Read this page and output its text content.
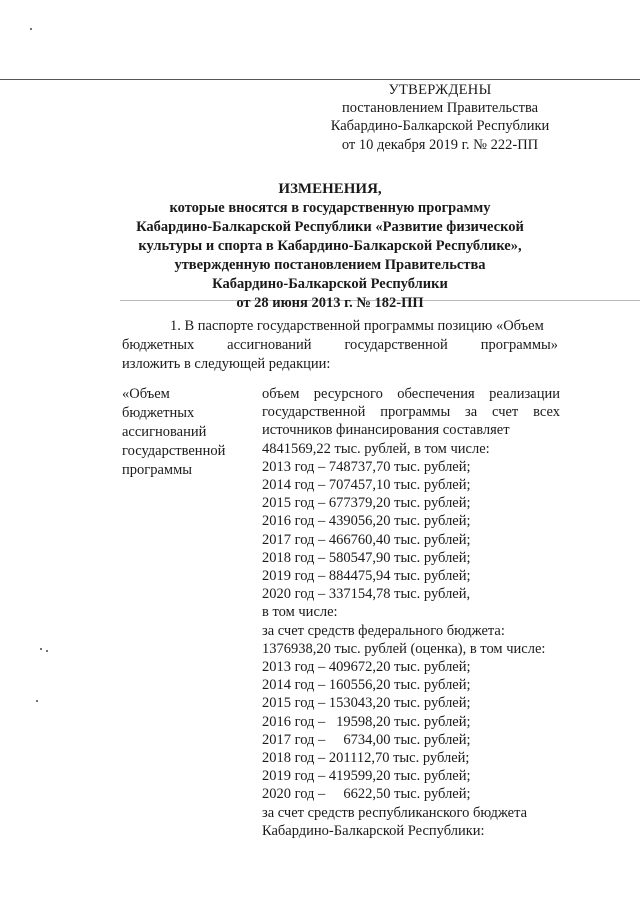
УТВЕРЖДЕНЫ
постановлением Правительства
Кабардино-Балкарской Республики
от 10 декабря 2019 г. № 222-ПП
ИЗМЕНЕНИЯ,
которые вносятся в государственную программу
Кабардино-Балкарской Республики «Развитие физической
культуры и спорта в Кабардино-Балкарской Республике»,
утвержденную постановлением Правительства
Кабардино-Балкарской Республики
от 28 июня 2013 г. № 182-ПП
1. В паспорте государственной программы позицию «Объем
бюджетных ассигнований государственной программы»
изложить в следующей редакции:
«Объем
бюджетных
ассигнований
государственной
программы
объем ресурсного обеспечения реализации
государственной программы за счет всех
источников финансирования составляет
4841569,22 тыс. рублей, в том числе:
2013 год – 748737,70 тыс. рублей;
2014 год – 707457,10 тыс. рублей;
2015 год – 677379,20 тыс. рублей;
2016 год – 439056,20 тыс. рублей;
2017 год – 466760,40 тыс. рублей;
2018 год – 580547,90 тыс. рублей;
2019 год – 884475,94 тыс. рублей;
2020 год – 337154,78 тыс. рублей,
в том числе:
за счет средств федерального бюджета:
1376938,20 тыс. рублей (оценка), в том числе:
2013 год – 409672,20 тыс. рублей;
2014 год – 160556,20 тыс. рублей;
2015 год – 153043,20 тыс. рублей;
2016 год –   19598,20 тыс. рублей;
2017 год –     6734,00 тыс. рублей;
2018 год – 201112,70 тыс. рублей;
2019 год – 419599,20 тыс. рублей;
2020 год –     6622,50 тыс. рублей;
за счет средств республиканского бюджета
Кабардино-Балкарской Республики:
